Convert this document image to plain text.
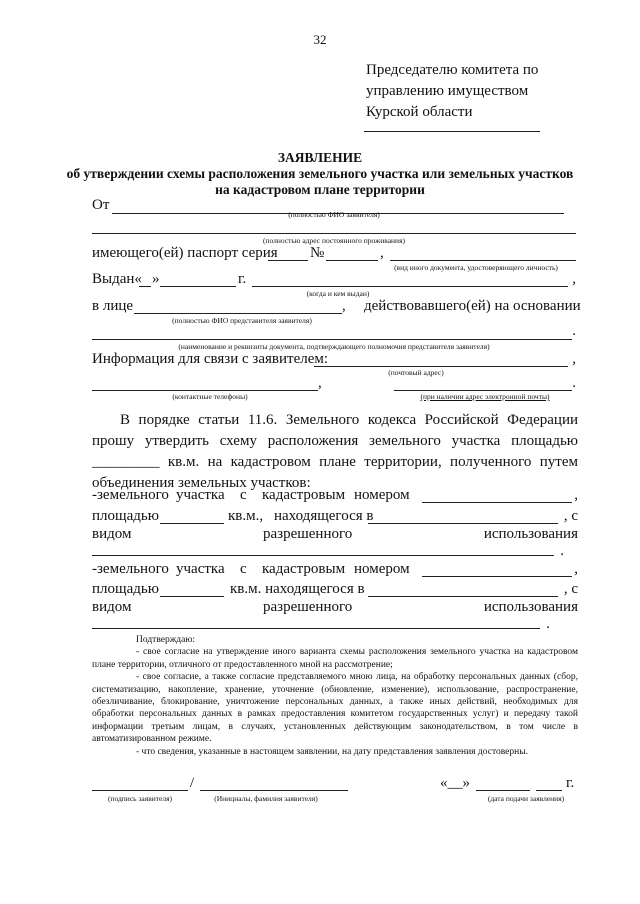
32
Председателю комитета по
управлению имуществом
Курской области
ЗАЯВЛЕНИЕ
об утверждении схемы расположения земельного участка или земельных участков
на кадастровом плане территории
От
(полностью ФИО заявителя)
(полностью адрес постоянного проживания)
имеющего(ей) паспорт серия №	,
(вид иного документа, удостоверяющего личность)
Выдан« »	г.	,
(когда и кем выдан)
в лице	, действовавшего(ей) на основании
(полностью ФИО представителя заявителя)
.
(наименование и реквизиты документа, подтверждающего полномочия представителя заявителя)
Информация для связи с заявителем:	,
(почтовый адрес)
,	.
(контактные телефоны)	(при наличии адрес электронной почты)
В порядке статьи 11.6. Земельного кодекса Российской Федерации прошу утвердить схему расположения земельного участка площадью _________ кв.м. на кадастровом плане территории, полученного путем объединения земельных участков:
-земельного участка с кадастровым номером	,
площадью	кв.м., находящегося в	, с
видом	разрешенного	использования
.
-земельного участка с кадастровым номером	,
площадью	кв.м. находящегося в	, с
видом	разрешенного	использования
.

Подтверждаю:

- свое согласие на утверждение иного варианта схемы расположения земельного участка на кадастровом плане территории, отличного от предоставленного мной на рассмотрение;

- свое согласие, а также согласие представляемого мною лица, на обработку персональных данных (сбор, систематизацию, накопление, хранение, уточнение (обновление, изменение), использование, распространение, обезличивание, блокирование, уничтожение персональных данных, а также иных действий, необходимых для обработки персональных данных в рамках предоставления комитетом государственных услуг) и передачу такой информации третьим лицам, в случаях, установленных действующим законодательством, в том числе в автоматизированном режиме.

- что сведения, указанные в настоящем заявлении, на дату представления заявления достоверны.

/	«__»	г.
(подпись заявителя)	(Инициалы, фамилия заявителя)	(дата подачи заявления)
